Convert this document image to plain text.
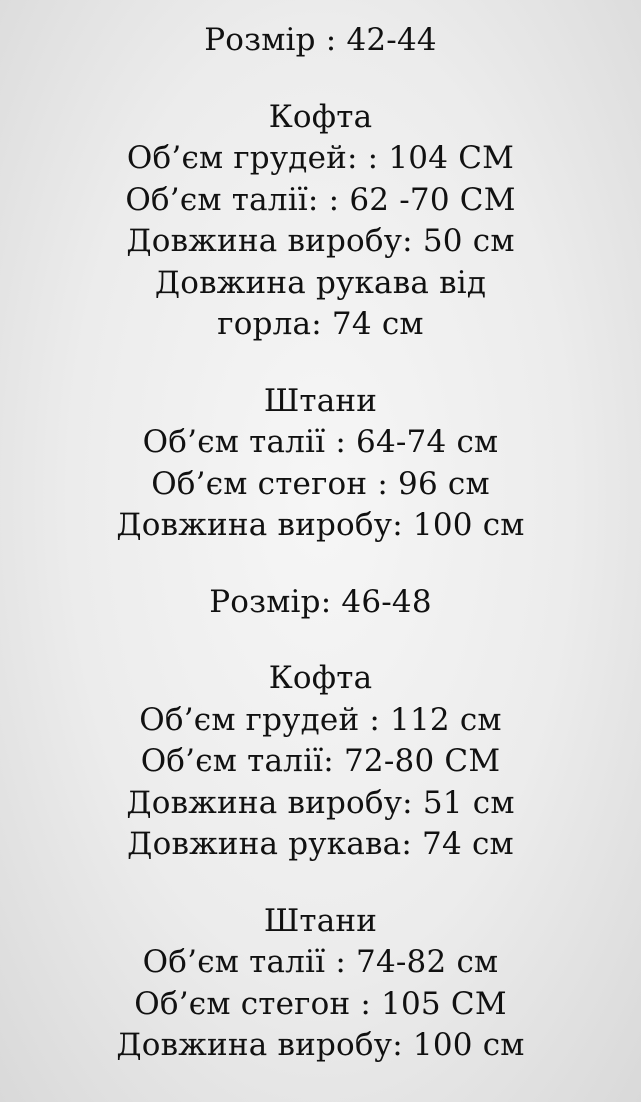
Розмір : 42-44
Кофта
Об’єм грудей: : 104 СМ
Об’єм талії: : 62 -70 СМ
Довжина виробу: 50 см
Довжина рукава від
горла: 74 см
Штани
Об’єм талії : 64-74 см
Об’єм стегон : 96 см
Довжина виробу: 100 см
Розмір: 46-48
Кофта
Об’єм грудей : 112 см
Об’єм талії: 72-80 СМ
Довжина виробу: 51 см
Довжина рукава: 74 см
Штани
Об’єм талії : 74-82 см
Об’єм стегон : 105 СМ
Довжина виробу: 100 см
